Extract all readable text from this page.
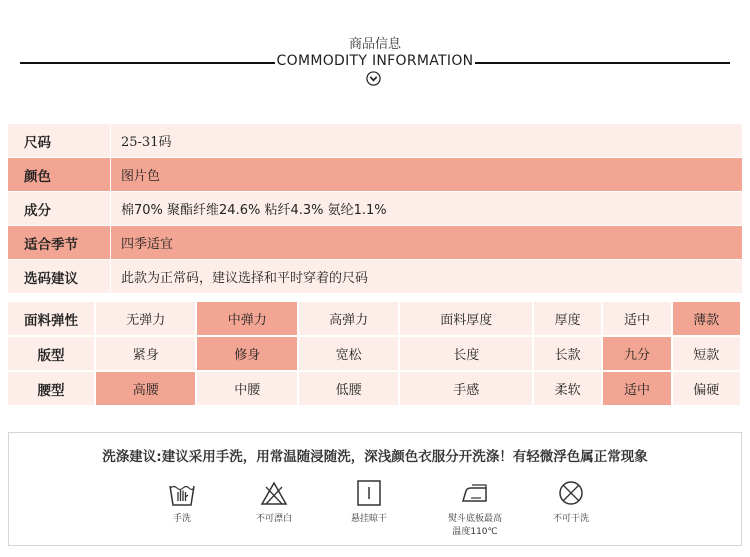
商品信息
COMMODITY INFORMATION
尺码	25-31码
颜色	图片色
成分	棉70% 聚酯纤维24.6% 粘纤4.3% 氨纶1.1%
适合季节	四季适宜
选码建议	此款为正常码，建议选择和平时穿着的尺码
面料弹性	无弹力	中弹力	高弹力	面料厚度	厚度	适中	薄款
版型	紧身	修身	宽松	长度	长款	九分	短款
腰型	高腰	中腰	低腰	手感	柔软	适中	偏硬
洗涤建议:建议采用手洗，用常温随浸随洗，深浅颜色衣服分开洗涤！有轻微浮色属正常现象
手洗	不可漂白	悬挂晾干	熨斗底板最高
温度110℃
不可干洗
